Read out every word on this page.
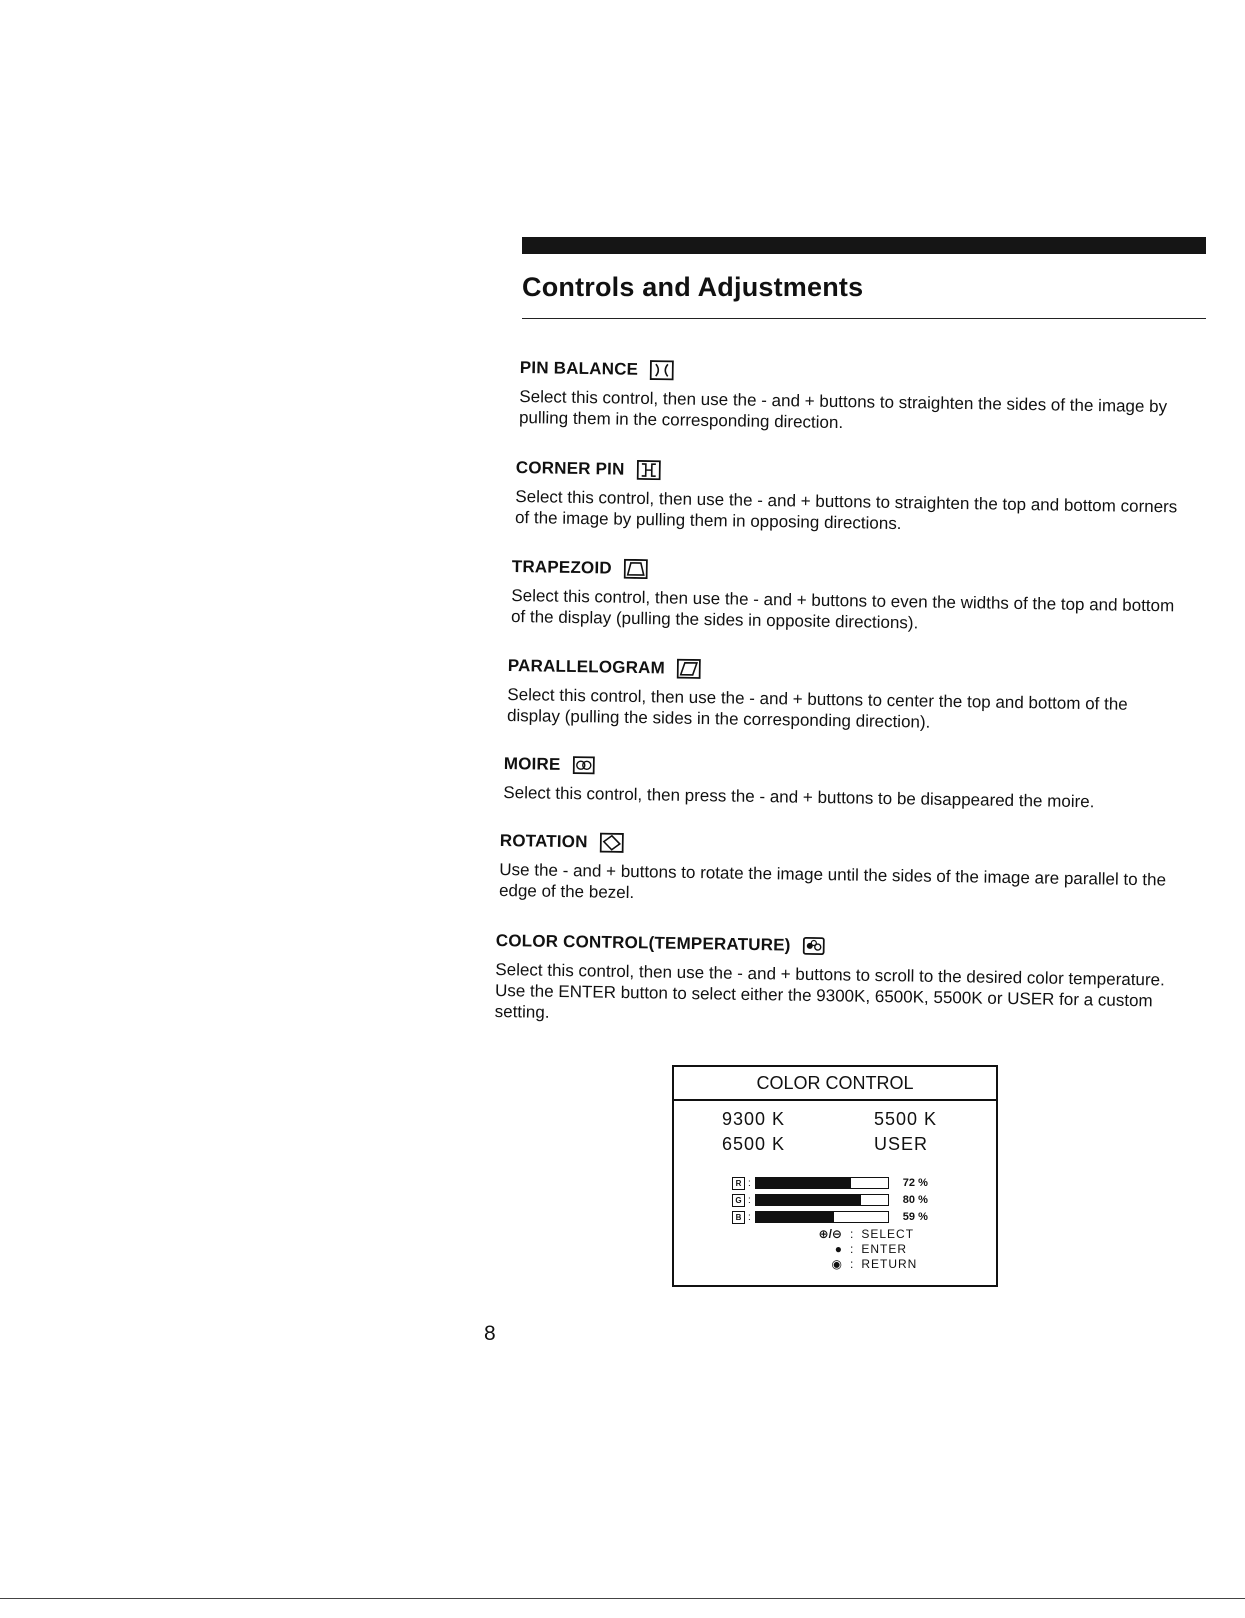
Controls and Adjustments
PIN BALANCE

Select this control, then use the - and + buttons to straighten the sides of the image by pulling them in the corresponding direction.

CORNER PIN

Select this control, then use the - and + buttons to straighten the top and bottom corners of the image by pulling them in opposing directions.

TRAPEZOID

Select this control, then use the - and + buttons to even the widths of the top and bottom of the display (pulling the sides in opposite directions).

PARALLELOGRAM

Select this control, then use the - and + buttons to center the top and bottom of the display (pulling the sides in the corresponding direction).

MOIRE

Select this control, then press the - and + buttons to be disappeared the moire.

ROTATION

Use the - and + buttons to rotate the image until the sides of the image are parallel to the edge of the bezel.

COLOR CONTROL(TEMPERATURE)

Select this control, then use the - and + buttons to scroll to the desired color temperature. Use the ENTER button to select either the 9300K, 6500K, 5500K or USER for a custom setting.

COLOR CONTROL
9300 K	5500 K
6500 K	USER
R :	72 %
G :	80 %
B :	59 %
⊕/⊖ : SELECT
● : ENTER
◉ : RETURN
8
